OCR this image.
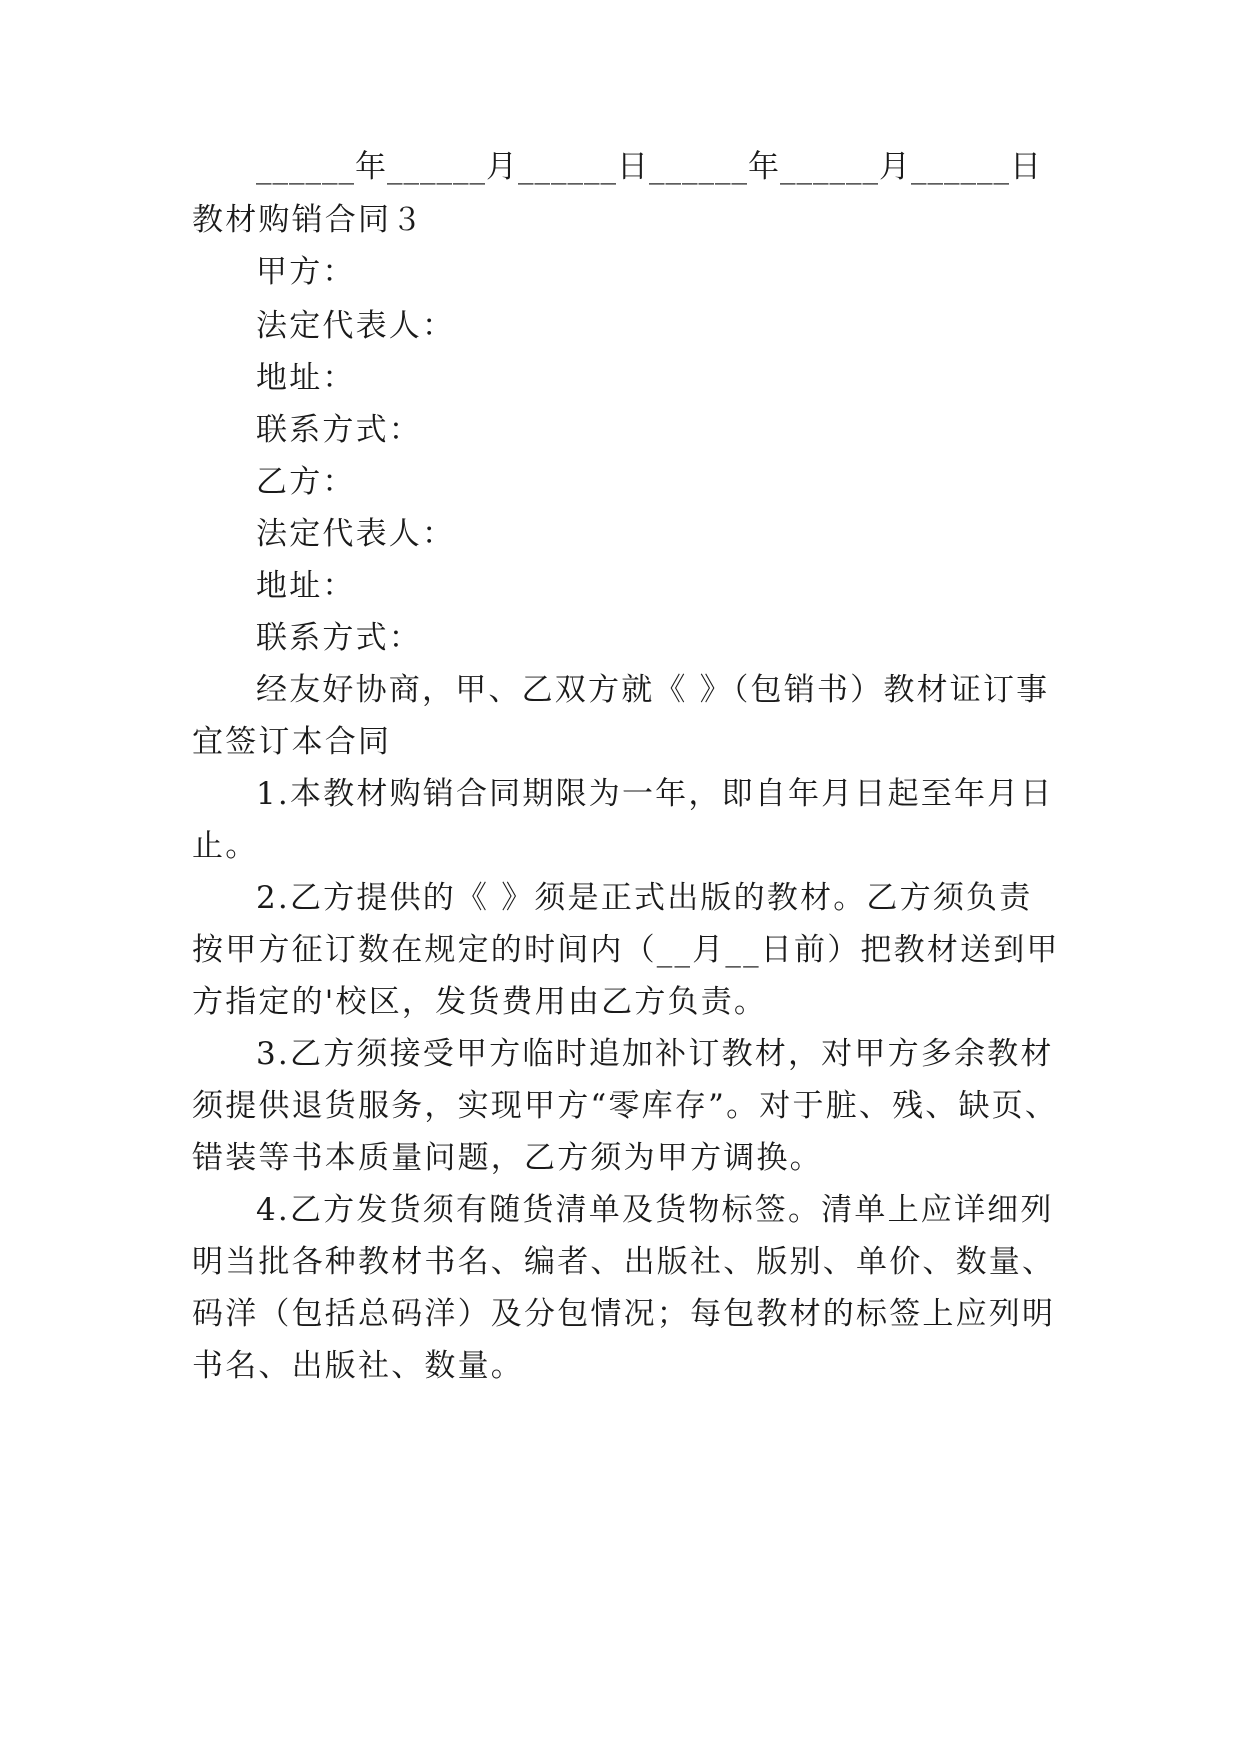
______年______月______日______年______月______日
教材购销合同３
甲方：
法定代表人：
地址：
联系方式：
乙方：
法定代表人：
地址：
联系方式：
经友好协商，甲、乙双方就《 》（包销书）教材证订事
宜签订本合同
1.本教材购销合同期限为一年，即自年月日起至年月日
止。
2.乙方提供的《 》须是正式出版的教材。乙方须负责
按甲方征订数在规定的时间内（__月__日前）把教材送到甲
方指定的'校区，发货费用由乙方负责。
3.乙方须接受甲方临时追加补订教材，对甲方多余教材
须提供退货服务，实现甲方“零库存”。对于脏、残、缺页、
错装等书本质量问题，乙方须为甲方调换。
4.乙方发货须有随货清单及货物标签。清单上应详细列
明当批各种教材书名、编者、出版社、版别、单价、数量、
码洋（包括总码洋）及分包情况；每包教材的标签上应列明
书名、出版社、数量。
